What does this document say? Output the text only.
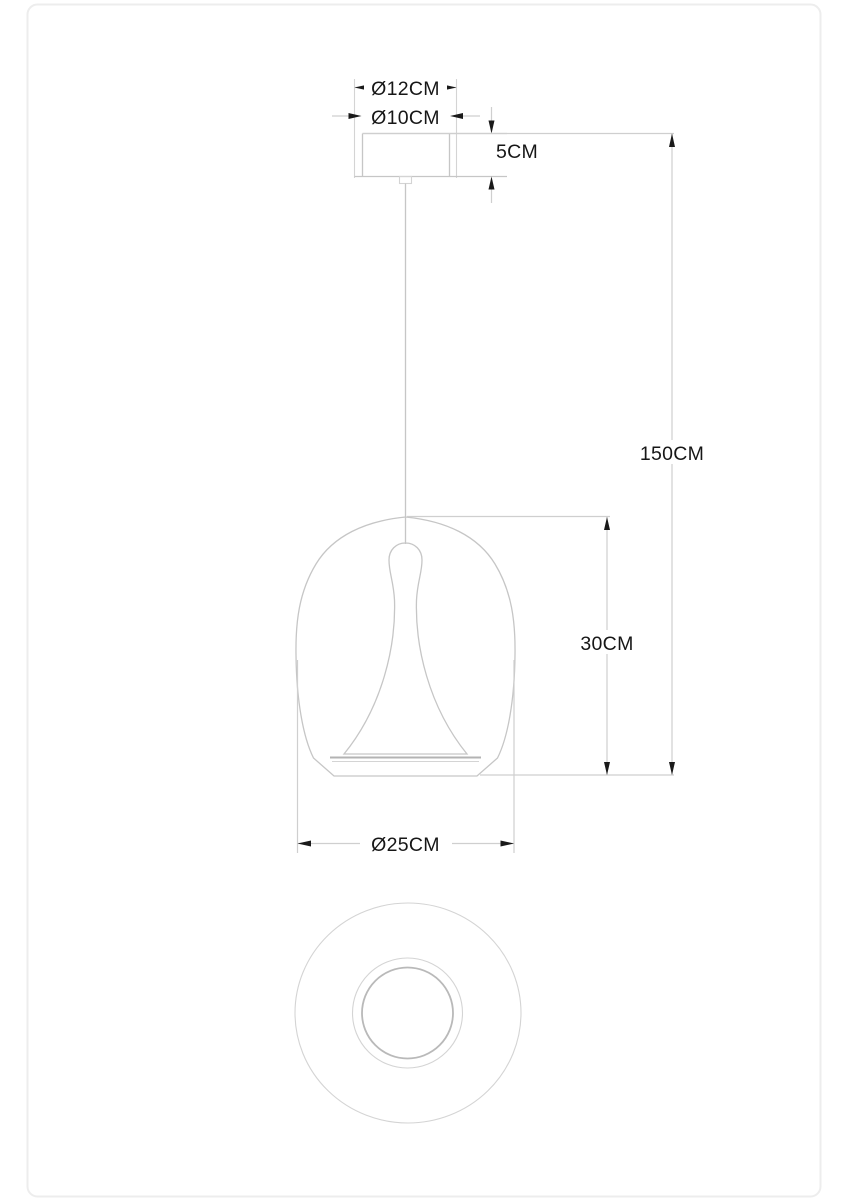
Ø12CM
Ø10CM
5CM
150CM
30CM
Ø25CM
